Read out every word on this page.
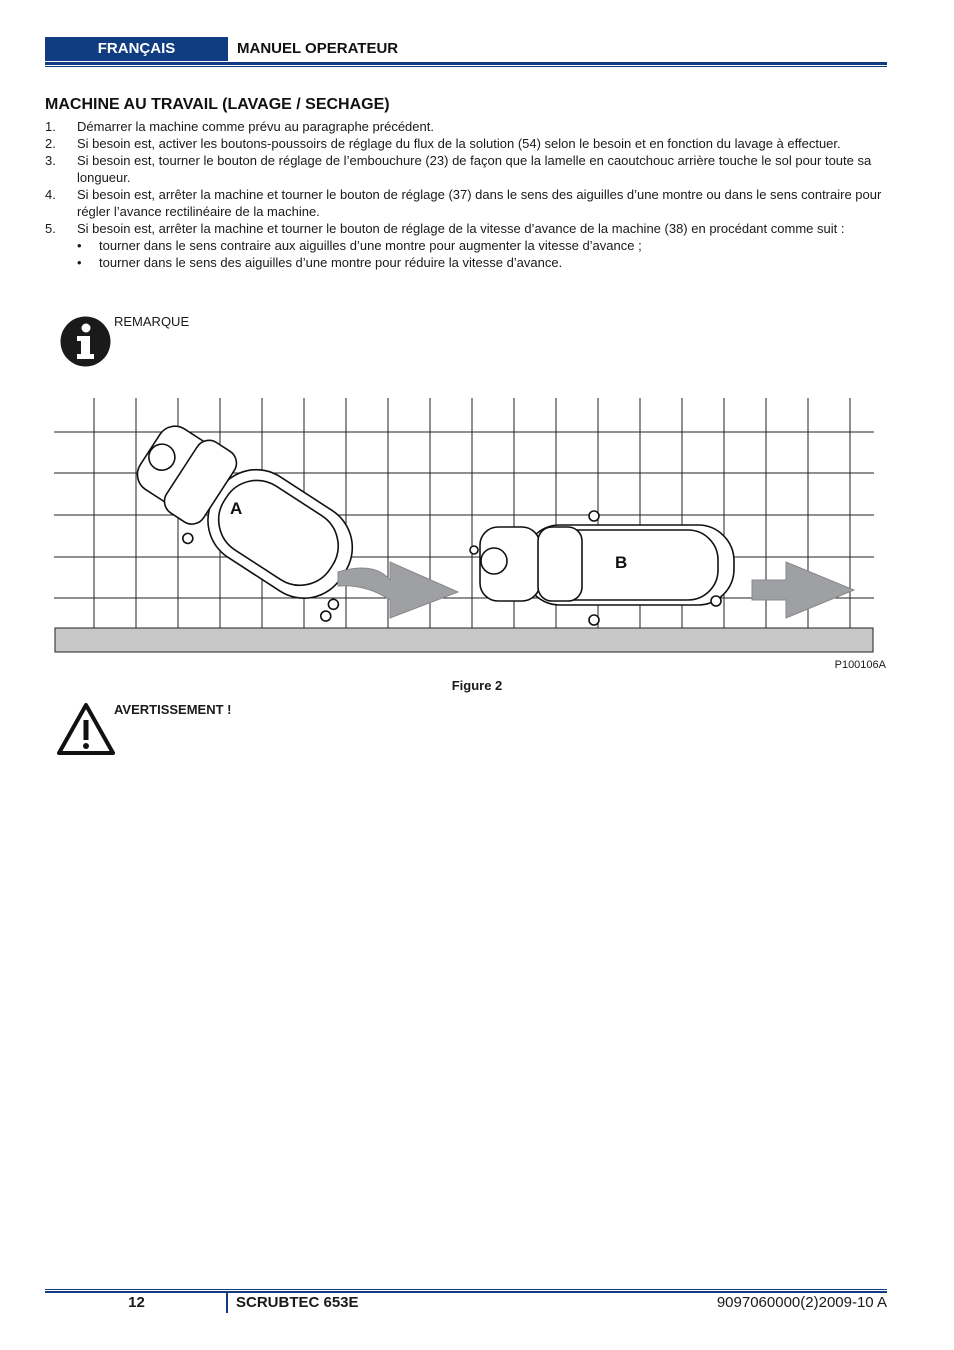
FRANÇAIS	MANUEL OPERATEUR
MACHINE AU TRAVAIL (LAVAGE / SECHAGE)
1.	Démarrer la machine comme prévu au paragraphe précédent.
2.	Si besoin est, activer les boutons-poussoirs de réglage du flux de la solution (54) selon le besoin et en fonction du lavage à effectuer.
3.	Si besoin est, tourner le bouton de réglage de l’embouchure (23) de façon que la lamelle en caoutchouc arrière touche le sol pour toute sa longueur.
4.	Si besoin est, arrêter la machine et tourner le bouton de réglage (37) dans le sens des aiguilles d’une montre ou dans le sens contraire pour régler l’avance rectilinéaire de la machine.
5.	Si besoin est, arrêter la machine et tourner le bouton de réglage de la vitesse d’avance de la machine (38) en procédant comme suit :
•	tourner dans le sens contraire aux aiguilles d’une montre pour augmenter la vitesse d’avance ;
•	tourner dans le sens des aiguilles d’une montre pour réduire la vitesse d’avance.
REMARQUE
A
B
P100106A
Figure 2
AVERTISSEMENT !
12	SCRUBTEC 653E	9097060000(2)2009-10 A
